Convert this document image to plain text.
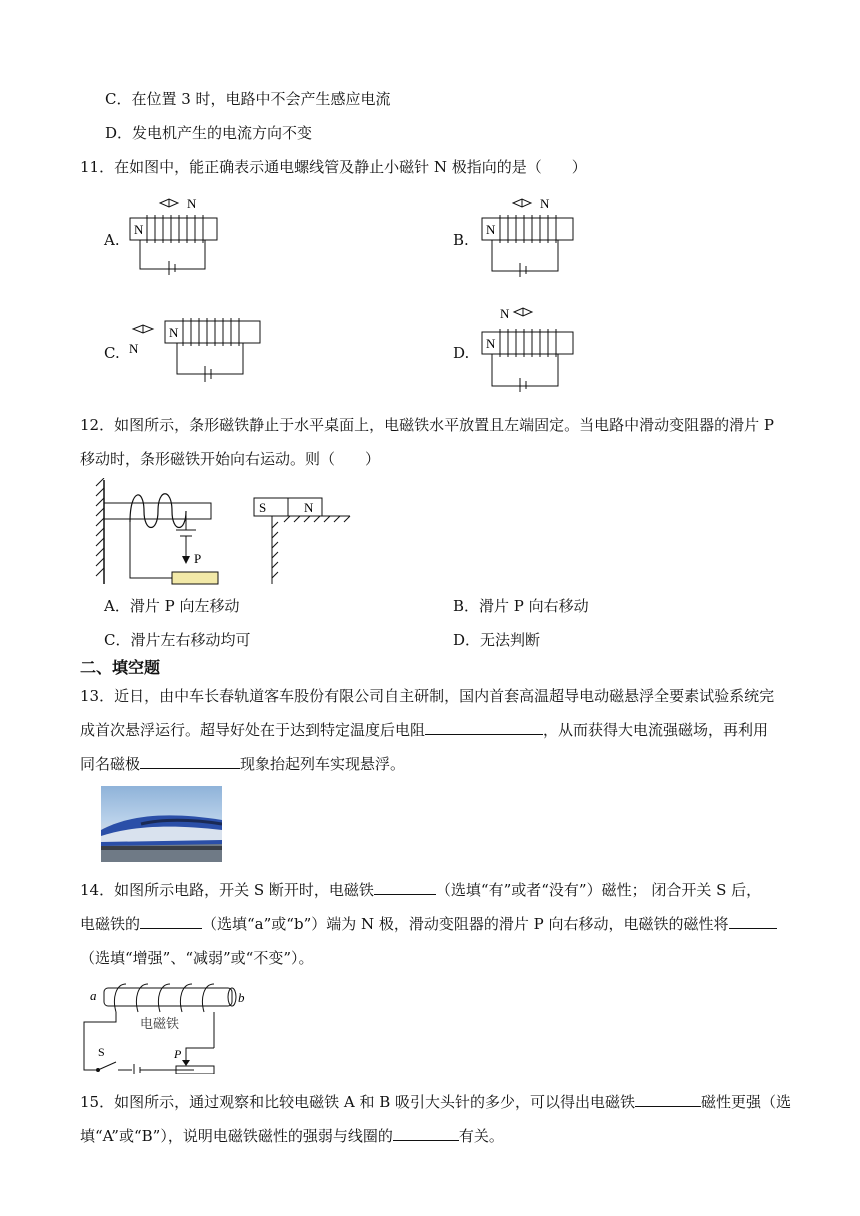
C．在位置 3 时，电路中不会产生感应电流
D．发电机产生的电流方向不变
11．在如图中，能正确表示通电螺线管及静止小磁针 N 极指向的是（　　）
A.
N
N
B.
N
N
C. N
N
D.
N
N
12．如图所示，条形磁铁静止于水平桌面上，电磁铁水平放置且左端固定。当电路中滑动变阻器的滑片 P
移动时，条形磁铁开始向右运动。则（　　）
P
S	N
A．滑片 P 向左移动	B．滑片 P 向右移动
C．滑片左右移动均可	D．无法判断
二、填空题
13．近日，由中车长春轨道客车股份有限公司自主研制，国内首套高温超导电动磁悬浮全要素试验系统完
成首次悬浮运行。超导好处在于达到特定温度后电阻	，从而获得大电流强磁场，再利用
同名磁极	现象抬起列车实现悬浮。
14．如图所示电路，开关 S 断开时，电磁铁	（选填“有”或者“没有”）磁性； 闭合开关 S 后，
电磁铁的	（选填“a”或“b”）端为 N 极，滑动变阻器的滑片 P 向右移动，电磁铁的磁性将
（选填“增强”、“减弱”或“不变”）。
a	b
电磁铁
S	P
15．如图所示，通过观察和比较电磁铁 A 和 B 吸引大头针的多少，可以得出电磁铁	磁性更强（选
填“A”或“B”），说明电磁铁磁性的强弱与线圈的	有关。
